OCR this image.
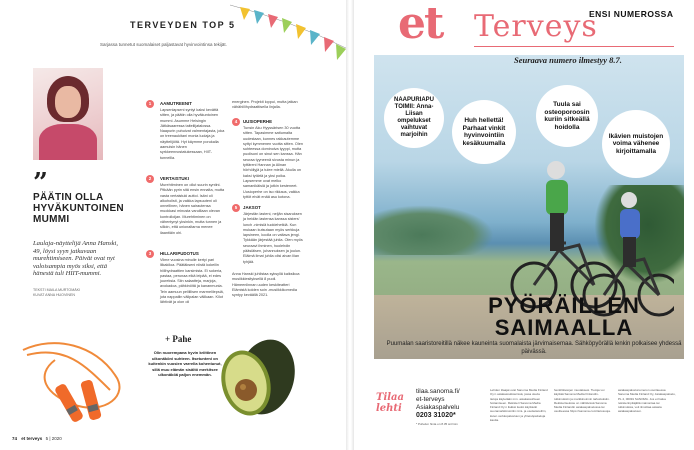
TERVEYDEN TOP 5
Sarjassa tunnetut suomalaiset paljastavat hyvinvointinsa tekijät.
”
PÄÄTIN OLLA HYVÄKUNTOINEN MUMMI
Laulaja-näyttelijä Anna Hanski, 49, löysi syyn jatkuvaan murehtimiseen. Päivät ovat nyt valoisampia myös siksi, että hänestä tuli HIIT-mummi.
TEKSTI MAILA MURTOMÄKI
KUVAT ANNA HUOVINEN
1	AAMUTREENIT
Lapsenlapseni syntyi kaksi kevättä sitten, ja päätin olla hyväkuntoinen mummi. Asumme Helsingin Jätkäsaaressa taiteilijatalossa. Naapurin puhuivat valmentajasta, joka on treenaukitani monia luolaja ja näyttelijöitä. Hyt käymme porukalla aamuisin hänen syrkkeennostatukessaan, HIIT-tunneilla.
2	VERTAISTUKI
Murehtiminen on ollut suurin syntini. Pitkään pyrin sitä ensin ennalta, mutta vasta vertaistuki auttoi. Isäni oli alkoholisti, ja vaikka lapsuuteni oli onnellinen, hänen sairautensa muokkasi minusta varuillaan olevan kontrolloijan. Murehtiminen on vähentynyt yksinkin, mutta tunnen ja silloin, että unionaltarna menee ilaantiäin ohi.
3	HILLARIPUDOTUS
Viime vuosina minulle kertyi pari liikakiloa. Päätäkseni niistä kokeilin hiilihydraattien karsimista. Ei sokeria, pastaa, perunaa eikä leipää, ei edes juureksia. Siin salaatteja, marjoja, avokadoa, pähkinöitä ja kananmunia. Tein aamuun peliillisen marmelilepsiä, jota nappailin välipalan välikaan. Kilot lähtivät ja olon oli
energinen. Projekti loppui, mutta jatkan vähähiilihydraattisella linjalla.
4	UUSIOPERHE
Tunsin Aku Hyyssärisen 30 vuotta sitten. Tapasimme sattumalta uudestaan, kunnes rakkautemme syttyi kymmenen vuotta sitten. Olen suhteessa dominoiva tyyppi, mutta puolisoni on sinut sen kanssa. Hän seuraa tyyneenä sivusta minun ja tyttäreni Hannan ja Alinan hörhöilyjä ja tulee mieliä. Akulla on kaksi tytärtä ja yksi poika. Lapsemme ovat melko samanikäisiä ja jotkin kesteneet. Uusioperhe on iso rikkaus, vaikka tyttöt eivät enää asu kotona.
5	JAKSOT
Järjestän lasteni, neljän sisaruksen ja heidän lastensa kanssa sisters' lunch -nimisiä tuokiehetkiä. Kun mukaan kutsutaan myös serkkuja lapsineen, koolla on valtava jengi. Tykkään järjestää juhlia. Olen myös seuraavi ihminen, huolehdin pääsiäisen, juhannuksen ja joulun. Eläimä ilmat juhlia olisi aivan liian tyhjää.
Anna Hanski juhlistaa syksyllä kaiksikoa musiikkiesityksellä 8 puoli. Hämeenlinnan uuden keskiteatteri Elämistä kolden soin -musiikkikomedia syntyy keväällä 2021.
+ Pahe
Olin nuorempana hyvin kriittinen ulkonäköni suhteen. Itsetunteni on kuitenkin vuosien varrella kohentunut, sillä muu elämän sisältö merkitsee ulkonäköä paljon enemmän.
74 et terveys 5 | 2020
et Terveys
ENSI NUMEROSSA
Seuraava numero ilmestyy 8.7.
NAAPURIAPU TOIMII: Anna-Liisan ompelukset vaihtuvat marjoihin
Huh hellettä! Parhaat vinkit hyvinvointiin kesäkuumalla
Tuula sai osteoporoosin kuriin sitkeällä hoidolla
Ikävien muistojen voima vähenee kirjoittamalla
PYÖRÄILLEN
SAIMAALLA
Puumalan saaristoreitillä näkee kauneinta suomalaista järvimaisemaa. Sähköpyörällä lenkin polkaisee yhdessä päivässä.
Tilaa lehti
tilaa.sanoma.fi/
et-terveys
Asiakaspalvelu
0203 31020*
* Puhelun hinta on 8.35 snt/min
Lehden tilaajat ovat Sanoma Media Finland Oy:n asiakasrekisterissä, jossa olevia tietoja käytetään mm. asiakassuhteen hoitamiseen. Rekisteri Sanoma Media Finland Oy:n lisäksi tiedot käyttävät suoramarkkinointiin nimi- ja osoitetietoihin, kuten verkkopalveluun ja yhteisöpalveluja kautta.
henkilötietojen muutaksesi. Tietoja voi käyttää Sanoma Media Finlandin-tutkimuksiin ja markkinoinnin tarkoituksiin. Rekisteriseloste on nähtävissä Sanoma Media Finlandin asiakaspalvelussa tai osoitteessa https://sanoma.com/tietosuoja.
asiakaspalvelunumeron osoitteessa Sanoma Media Finland Oy, Asiakaspalvelu, PL 4, 00091 SANOMA. Jos et halua rekisterinpitäjältä mainontaa tai tutkimuksia, voit ilmoittaa asiasta asiakaspalveluun.
